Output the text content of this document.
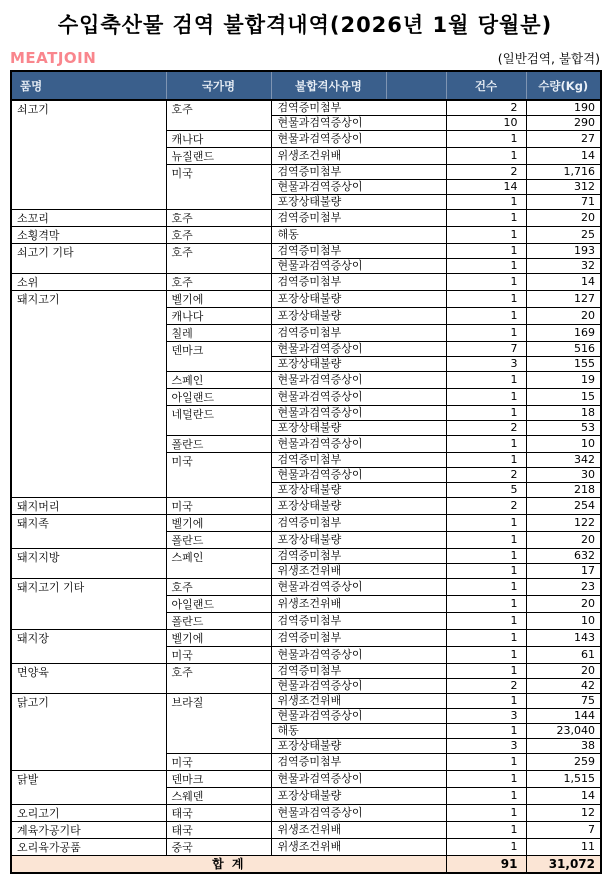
수입축산물 검역 불합격내역(2026년 1월 당월분)
MEATJOIN	(일반검역, 불합격)
품명	국가명	불합격사유명		건수	수량(Kg)
쇠고기	호주	검역증미첨부		2	190
		현물과검역증상이		10	290
	캐나다	현물과검역증상이		1	27
	뉴질랜드	위생조건위배		1	14
	미국	검역증미첨부		2	1,716
		현물과검역증상이		14	312
		포장상태불량		1	71
소꼬리	호주	검역증미첨부		1	20
소횡격막	호주	해동		1	25
쇠고기 기타	호주	검역증미첨부		1	193
		현물과검역증상이		1	32
소위	호주	검역증미첨부		1	14
돼지고기	벨기에	포장상태불량		1	127
	캐나다	포장상태불량		1	20
	칠레	검역증미첨부		1	169
	덴마크	현물과검역증상이		7	516
		포장상태불량		3	155
	스페인	현물과검역증상이		1	19
	아일랜드	현물과검역증상이		1	15
	네덜란드	현물과검역증상이		1	18
		포장상태불량		2	53
	폴란드	현물과검역증상이		1	10
	미국	검역증미첨부		1	342
		현물과검역증상이		2	30
		포장상태불량		5	218
돼지머리	미국	포장상태불량		2	254
돼지족	벨기에	검역증미첨부		1	122
	폴란드	포장상태불량		1	20
돼지지방	스페인	검역증미첨부		1	632
		위생조건위배		1	17
돼지고기 기타	호주	현물과검역증상이		1	23
	아일랜드	위생조건위배		1	20
	폴란드	검역증미첨부		1	10
돼지장	벨기에	검역증미첨부		1	143
	미국	현물과검역증상이		1	61
면양육	호주	검역증미첨부		1	20
		현물과검역증상이		2	42
닭고기	브라질	위생조건위배		1	75
		현물과검역증상이		3	144
		해동		1	23,040
		포장상태불량		3	38
	미국	검역증미첨부		1	259
닭발	덴마크	현물과검역증상이		1	1,515
	스웨덴	포장상태불량		1	14
오리고기	태국	현물과검역증상이		1	12
계육가공기타	태국	위생조건위배		1	7
오리육가공품	중국	위생조건위배		1	11
합 계				91	31,072
